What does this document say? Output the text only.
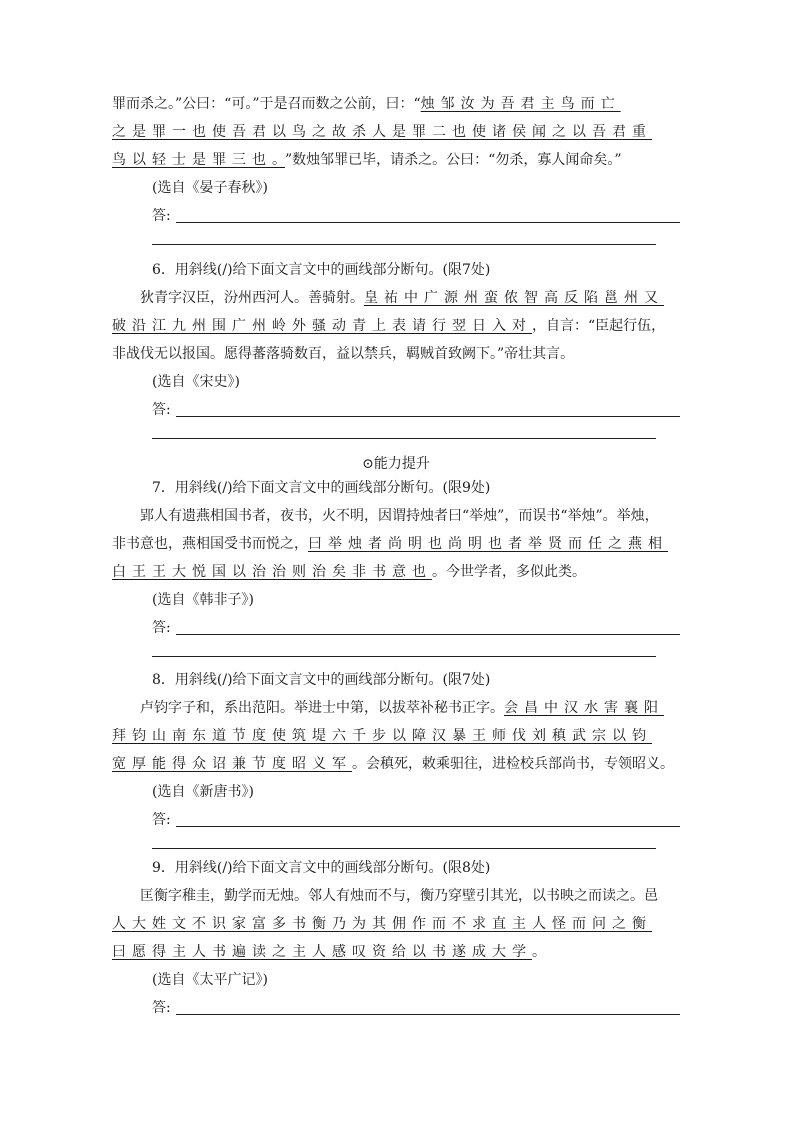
罪而杀之。”公曰：“可。”于是召而数之公前，曰：“烛邹汝为吾君主鸟而亡
之是罪一也使吾君以鸟之故杀人是罪二也使诸侯闻之以吾君重
鸟以轻士是罪三也。”数烛邹罪已毕，请杀之。公曰：“勿杀，寡人闻命矣。”
(选自《晏子春秋》)
答:
6．用斜线(/)给下面文言文中的画线部分断句。(限7处)
狄青字汉臣，汾州西河人。善骑射。皇祐中广源州蛮侬智高反陷邕州又
破沿江九州围广州岭外骚动青上表请行翌日入对，自言：“臣起行伍，
非战伐无以报国。愿得蕃落骑数百，益以禁兵，羁贼首致阙下。”帝壮其言。
(选自《宋史》)
答:
⊙能力提升
7．用斜线(/)给下面文言文中的画线部分断句。(限9处)
郢人有遗燕相国书者，夜书，火不明，因谓持烛者曰“举烛”，而误书“举烛”。举烛，
非书意也，燕相国受书而悦之，曰举烛者尚明也尚明也者举贤而任之燕相
白王王大悦国以治治则治矣非书意也。今世学者，多似此类。
(选自《韩非子》)
答:
8．用斜线(/)给下面文言文中的画线部分断句。(限7处)
卢钧字子和，系出范阳。举进士中第，以拔萃补秘书正字。会昌中汉水害襄阳
拜钧山南东道节度使筑堤六千步以障汉暴王师伐刘稹武宗以钧
宽厚能得众诏兼节度昭义军。会稹死，敕乘驲往，进检校兵部尚书，专领昭义。
(选自《新唐书》)
答:
9．用斜线(/)给下面文言文中的画线部分断句。(限8处)
匡衡字稚圭，勤学而无烛。邻人有烛而不与，衡乃穿壁引其光，以书映之而读之。邑
人大姓文不识家富多书衡乃为其佣作而不求直主人怪而问之衡
曰愿得主人书遍读之主人感叹资给以书遂成大学。
(选自《太平广记》)
答:
